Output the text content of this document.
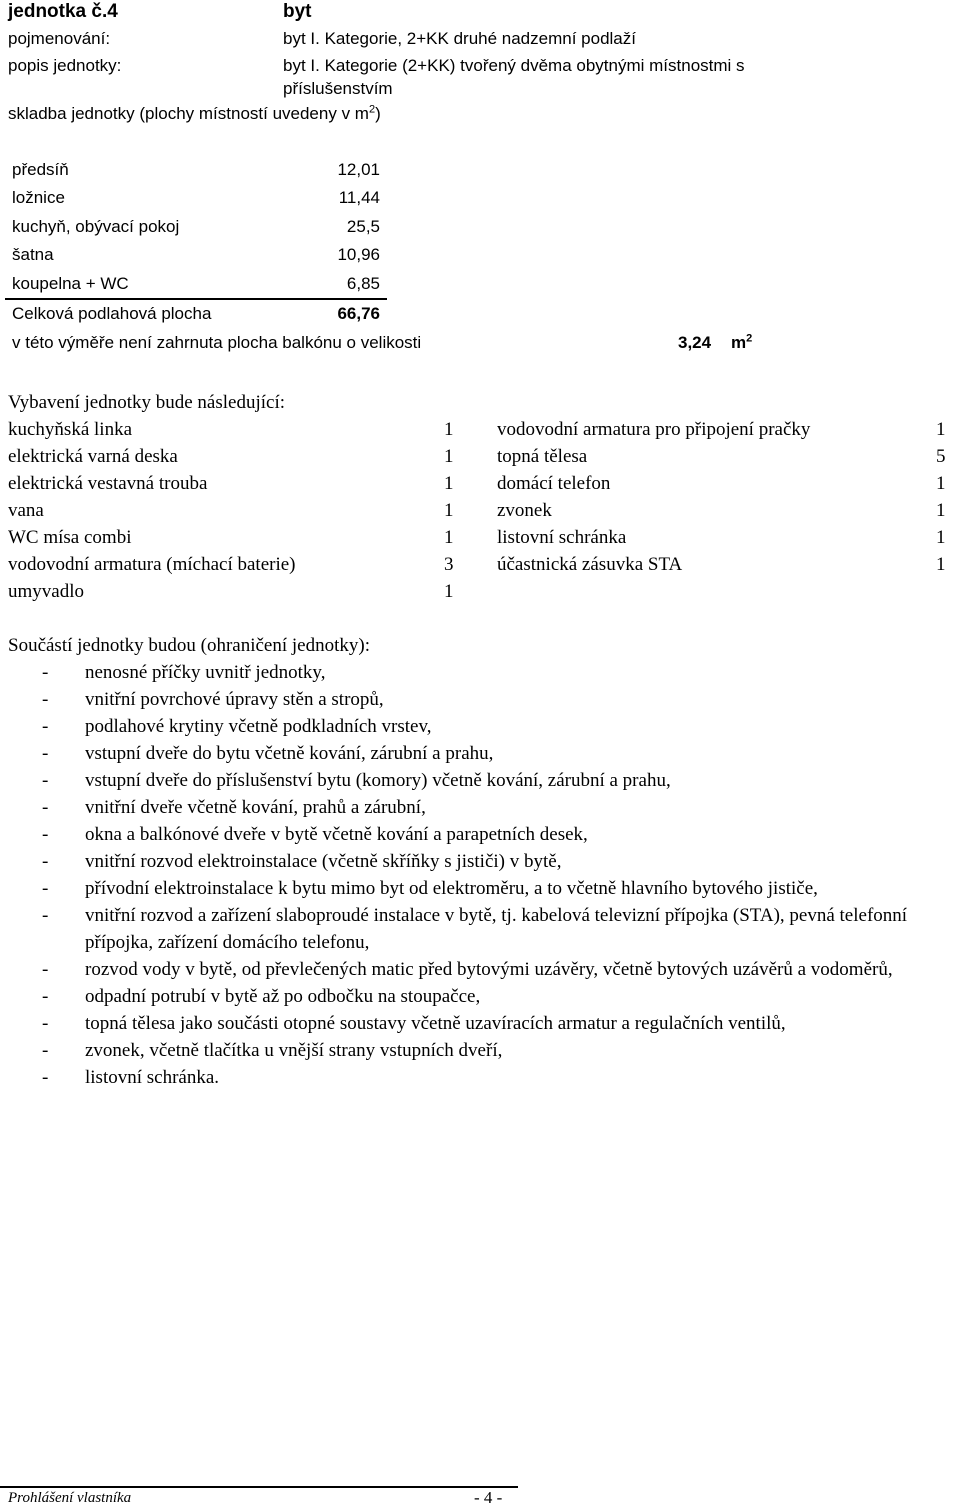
jednotka č.4	byt
pojmenování:	byt I. Kategorie, 2+KK druhé nadzemní podlaží
popis jednotky:	byt I. Kategorie (2+KK) tvořený dvěma obytnými místnostmi s
příslušenstvím
skladba jednotky (plochy místností uvedeny v $m^2$)
předsíň	12,01
ložnice	11,44
kuchyň, obývací pokoj	25,5
šatna	10,96
koupelna + WC	6,85
Celková podlahová plocha	66,76
v této výměře není zahrnuta plocha balkónu o velikosti	3,24 $m^2$
Vybavení jednotky bude následující:
kuchyňská linka	1
elektrická varná deska	1
elektrická vestavná trouba	1
vana	1
WC mísa combi	1
vodovodní armatura (míchací baterie)	3
umyvadlo	1
vodovodní armatura pro připojení pračky	1
topná tělesa	5
domácí telefon	1
zvonek	1
listovní schránka	1
účastnická zásuvka STA	1
Součástí jednotky budou (ohraničení jednotky):
- nenosné příčky uvnitř jednotky,
- vnitřní povrchové úpravy stěn a stropů,
- podlahové krytiny včetně podkladních vrstev,
- vstupní dveře do bytu včetně kování, zárubní a prahu,
- vstupní dveře do příslušenství bytu (komory) včetně kování, zárubní a prahu,
- vnitřní dveře včetně kování, prahů a zárubní,
- okna a balkónové dveře v bytě včetně kování a parapetních desek,
- vnitřní rozvod elektroinstalace (včetně skříňky s jističi) v bytě,
- přívodní elektroinstalace k bytu mimo byt od elektroměru, a to včetně hlavního bytového jističe,
- vnitřní rozvod a zařízení slaboproudé instalace v bytě, tj. kabelová televizní přípojka (STA), pevná telefonní přípojka, zařízení domácího telefonu,
- rozvod vody v bytě, od převlečených matic před bytovými uzávěry, včetně bytových uzávěrů a vodoměrů,
- odpadní potrubí v bytě až po odbočku na stoupačce,
- topná tělesa jako součásti otopné soustavy včetně uzavíracích armatur a regulačních ventilů,
- zvonek, včetně tlačítka u vnější strany vstupních dveří,
- listovní schránka.
Prohlášení vlastníka	- 4 -
